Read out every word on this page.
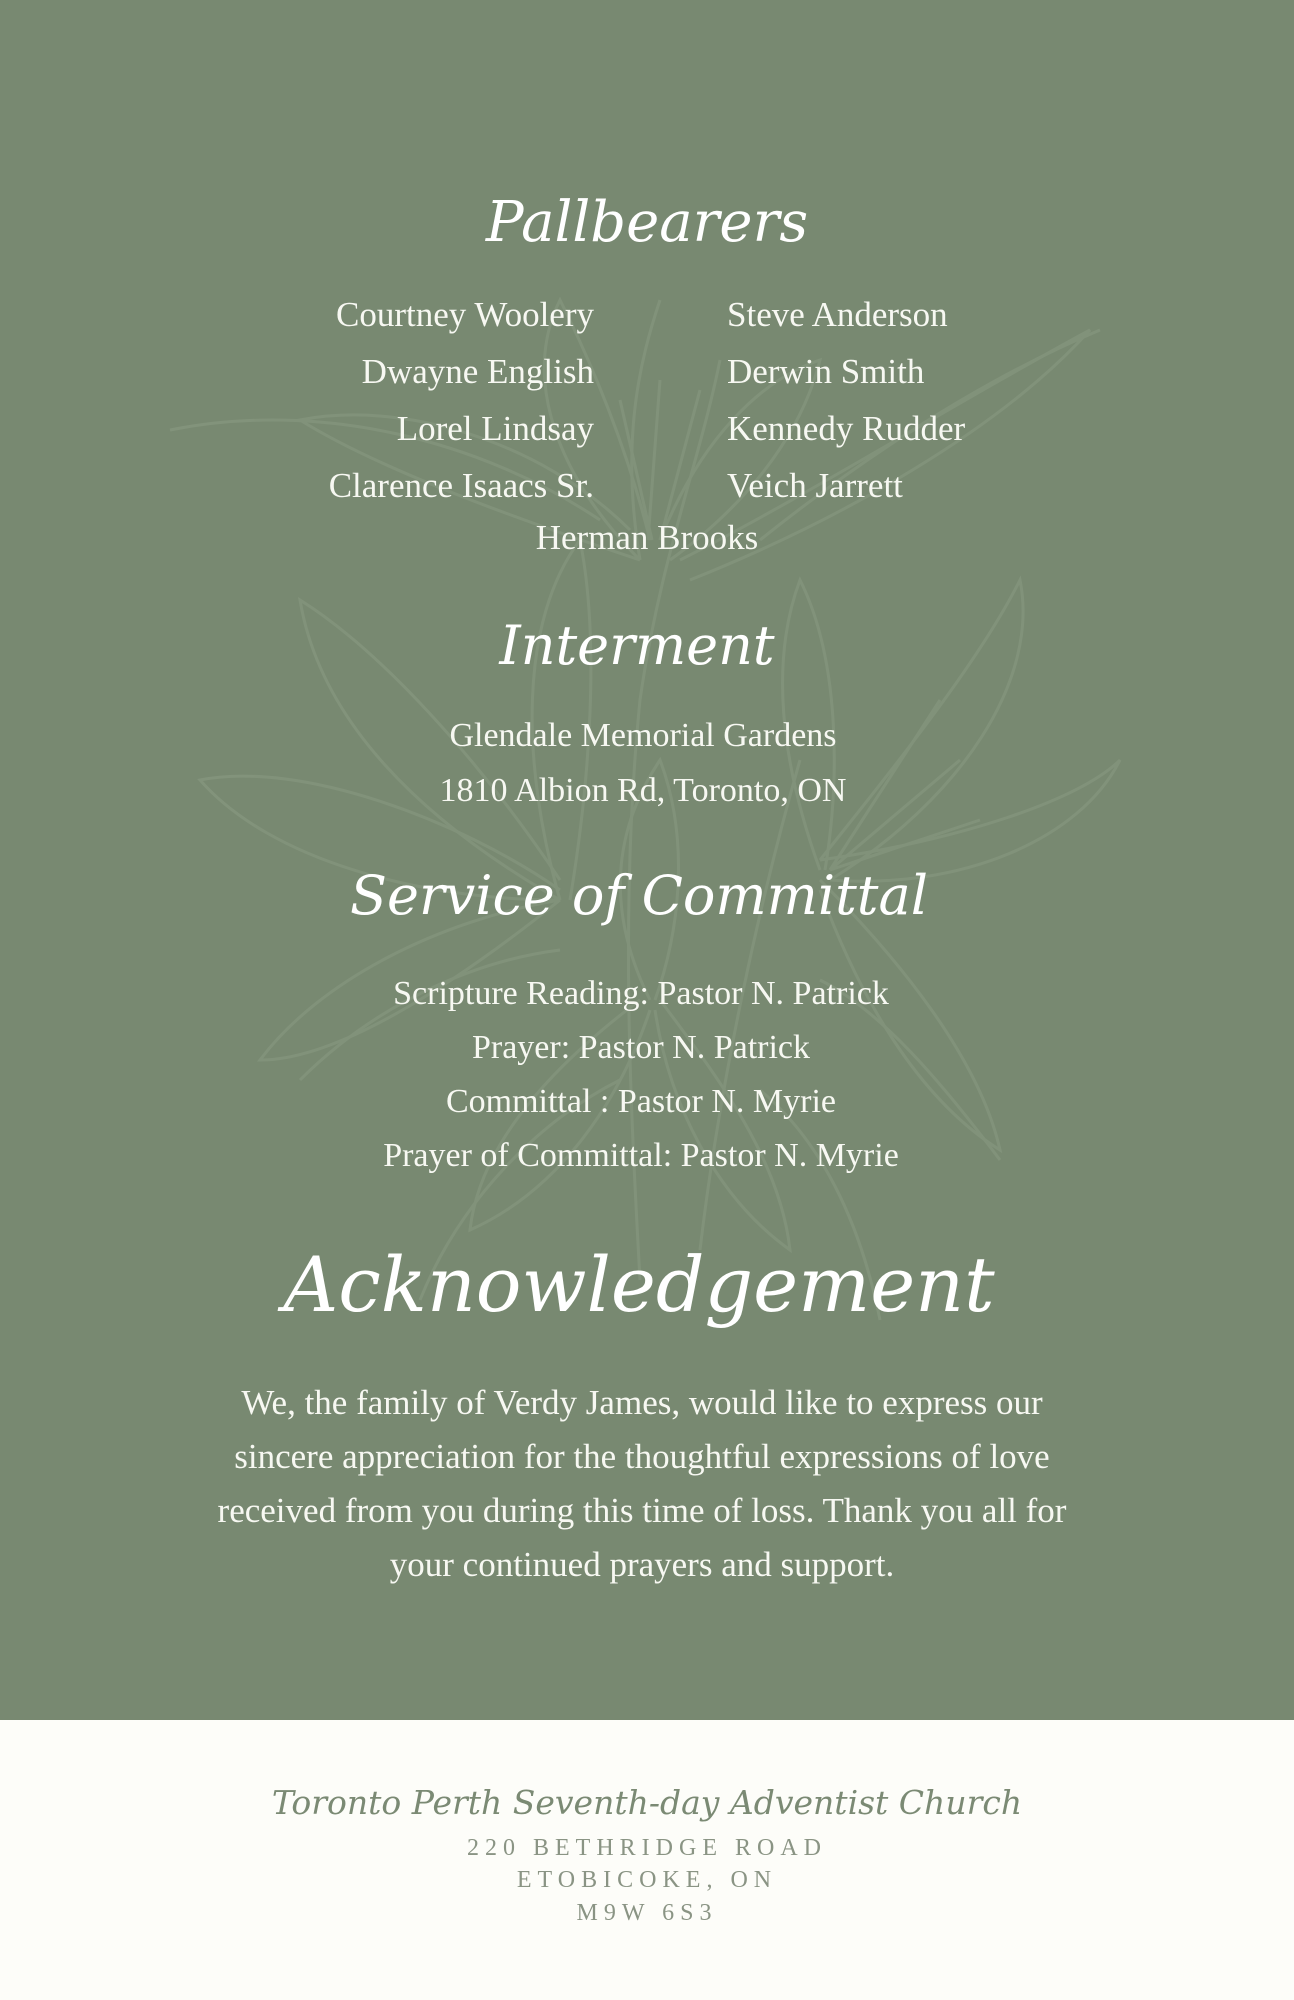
Pallbearers
Courtney Woolery
Dwayne English
Lorel Lindsay
Clarence Isaacs Sr.
Steve Anderson
Derwin Smith
Kennedy Rudder
Veich Jarrett
Herman Brooks
Interment
Glendale Memorial Gardens
1810 Albion Rd, Toronto, ON
Service of Committal
Scripture Reading: Pastor N. Patrick
Prayer: Pastor N. Patrick
Committal : Pastor N. Myrie
Prayer of Committal: Pastor N. Myrie
Acknowledgement
We, the family of Verdy James, would like to express our
sincere appreciation for the thoughtful expressions of love
received from you during this time of loss. Thank you all for
your continued prayers and support.
Toronto Perth Seventh-day Adventist Church
220 BETHRIDGE ROAD
ETOBICOKE, ON
M9W 6S3
